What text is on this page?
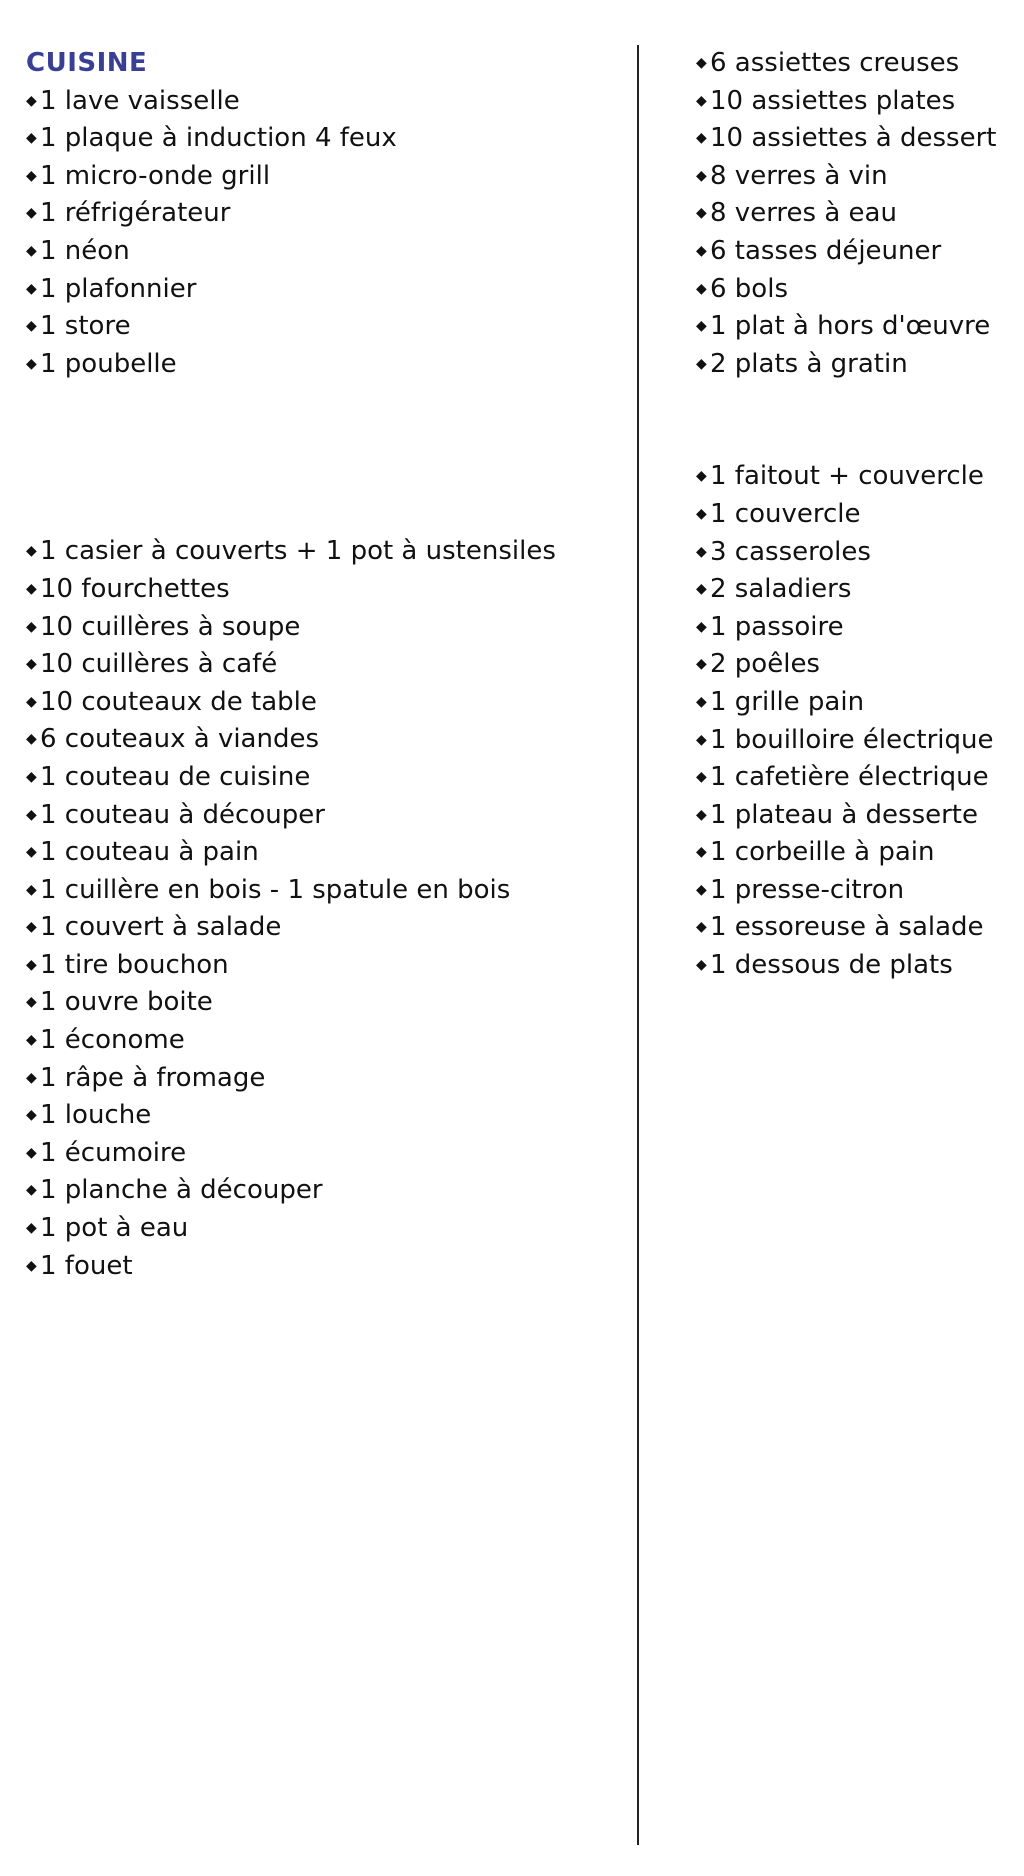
CUISINE
◆ 1 lave vaisselle
◆ 1 plaque à induction 4 feux
◆ 1 micro-onde grill
◆ 1 réfrigérateur
◆ 1 néon
◆ 1 plafonnier
◆ 1 store
◆ 1 poubelle
◆ 1 casier à couverts + 1 pot à ustensiles
◆ 10 fourchettes
◆ 10 cuillères à soupe
◆ 10 cuillères à café
◆ 10 couteaux de table
◆ 6 couteaux à viandes
◆ 1 couteau de cuisine
◆ 1 couteau à découper
◆ 1 couteau à pain
◆ 1 cuillère en bois - 1 spatule en bois
◆ 1 couvert à salade
◆ 1 tire bouchon
◆ 1 ouvre boite
◆ 1 économe
◆ 1 râpe à fromage
◆ 1 louche
◆ 1 écumoire
◆ 1 planche à découper
◆ 1 pot à eau
◆ 1 fouet
◆ 6 assiettes creuses
◆ 10 assiettes plates
◆ 10 assiettes à dessert
◆ 8 verres à vin
◆ 8 verres à eau
◆ 6 tasses déjeuner
◆ 6 bols
◆ 1 plat à hors d'œuvre
◆ 2 plats à gratin
◆ 1 faitout + couvercle
◆ 1 couvercle
◆ 3 casseroles
◆ 2 saladiers
◆ 1 passoire
◆ 2 poêles
◆ 1 grille pain
◆ 1 bouilloire électrique
◆ 1 cafetière électrique
◆ 1 plateau à desserte
◆ 1 corbeille à pain
◆ 1 presse-citron
◆ 1 essoreuse à salade
◆ 1 dessous de plats
